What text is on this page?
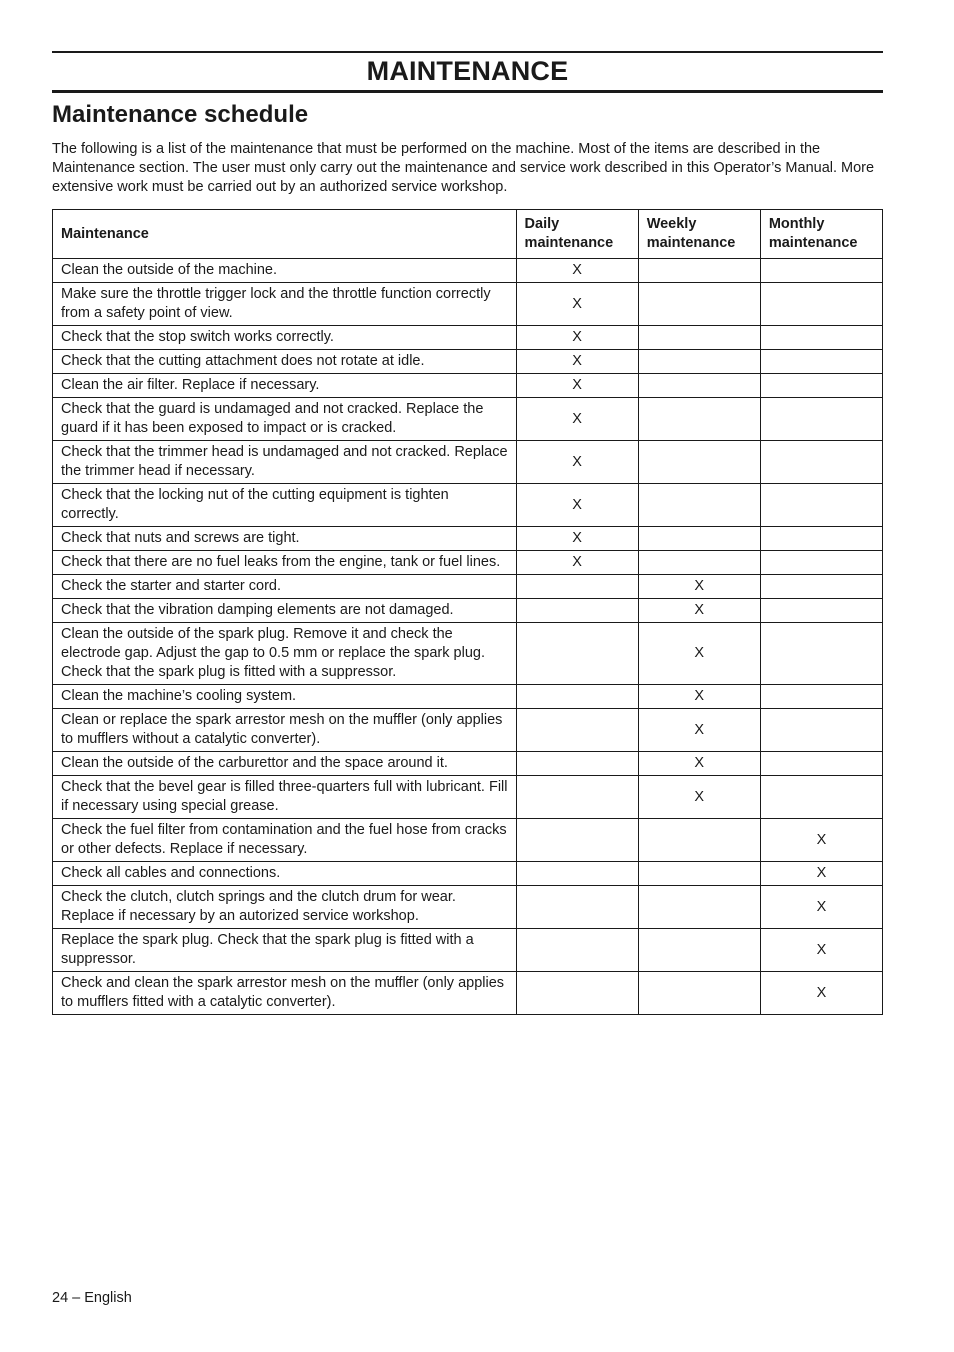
MAINTENANCE
Maintenance schedule

The following is a list of the maintenance that must be performed on the machine. Most of the items are described in the Maintenance section. The user must only carry out the maintenance and service work described in this Operator’s Manual. More extensive work must be carried out by an authorized service workshop.

Maintenance	Daily maintenance	Weekly maintenance	Monthly maintenance
Clean the outside of the machine.	X		
Make sure the throttle trigger lock and the throttle function correctly from a safety point of view.	X		
Check that the stop switch works correctly.	X		
Check that the cutting attachment does not rotate at idle.	X		
Clean the air filter. Replace if necessary.	X		
Check that the guard is undamaged and not cracked. Replace the guard if it has been exposed to impact or is cracked.	X		
Check that the trimmer head is undamaged and not cracked. Replace the trimmer head if necessary.	X		
Check that the locking nut of the cutting equipment is tighten correctly.	X		
Check that nuts and screws are tight.	X		
Check that there are no fuel leaks from the engine, tank or fuel lines.	X		
Check the starter and starter cord.		X	
Check that the vibration damping elements are not damaged.		X	
Clean the outside of the spark plug. Remove it and check the electrode gap. Adjust the gap to 0.5 mm or replace the spark plug. Check that the spark plug is fitted with a suppressor.		X	
Clean the machine’s cooling system.		X	
Clean or replace the spark arrestor mesh on the muffler (only applies to mufflers without a catalytic converter).		X	
Clean the outside of the carburettor and the space around it.		X	
Check that the bevel gear is filled three-quarters full with lubricant. Fill if necessary using special grease.		X	
Check the fuel filter from contamination and the fuel hose from cracks or other defects. Replace if necessary.			X
Check all cables and connections.			X
Check the clutch, clutch springs and the clutch drum for wear. Replace if necessary by an autorized service workshop.			X
Replace the spark plug. Check that the spark plug is fitted with a suppressor.			X
Check and clean the spark arrestor mesh on the muffler (only applies to mufflers fitted with a catalytic converter).			X
24 – English
